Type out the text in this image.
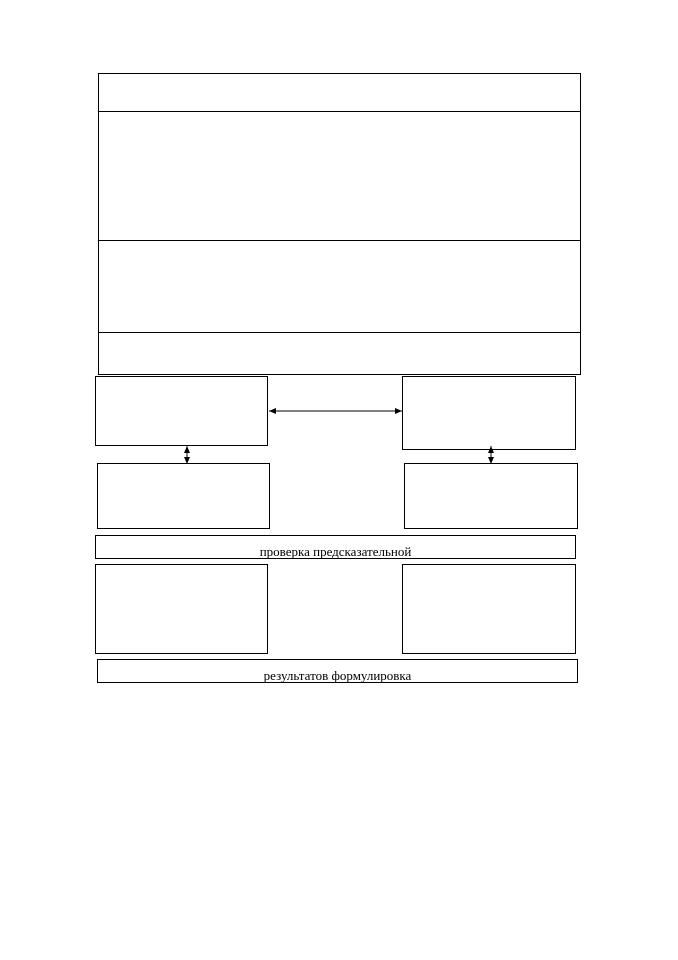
проверка предсказательной
результатов формулировка
